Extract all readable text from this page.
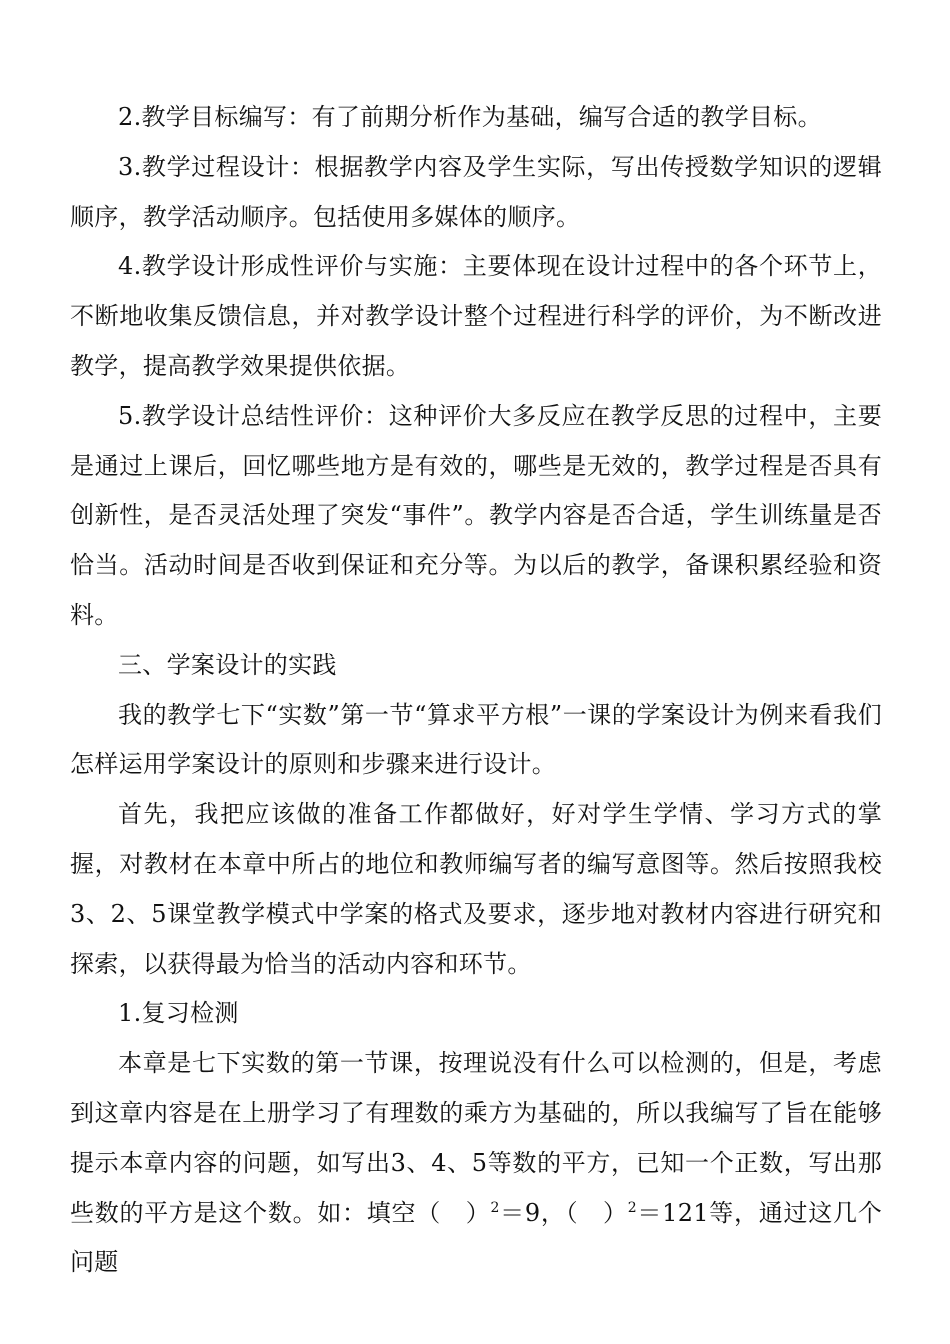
2.教学目标编写：有了前期分析作为基础，编写合适的教学目标。

3.教学过程设计：根据教学内容及学生实际，写出传授数学知识的逻辑顺序，教学活动顺序。包括使用多媒体的顺序。

4.教学设计形成性评价与实施：主要体现在设计过程中的各个环节上，不断地收集反馈信息，并对教学设计整个过程进行科学的评价，为不断改进教学，提高教学效果提供依据。

5.教学设计总结性评价：这种评价大多反应在教学反思的过程中，主要是通过上课后，回忆哪些地方是有效的，哪些是无效的，教学过程是否具有创新性，是否灵活处理了突发“事件”。教学内容是否合适，学生训练量是否恰当。活动时间是否收到保证和充分等。为以后的教学，备课积累经验和资料。

三、学案设计的实践

我的教学七下“实数”第一节“算求平方根”一课的学案设计为例来看我们怎样运用学案设计的原则和步骤来进行设计。

首先，我把应该做的准备工作都做好，好对学生学情、学习方式的掌握，对教材在本章中所占的地位和教师编写者的编写意图等。然后按照我校3、2、5课堂教学模式中学案的格式及要求，逐步地对教材内容进行研究和探索，以获得最为恰当的活动内容和环节。

1.复习检测

本章是七下实数的第一节课，按理说没有什么可以检测的，但是，考虑到这章内容是在上册学习了有理数的乘方为基础的，所以我编写了旨在能够提示本章内容的问题，如写出3、4、5等数的平方，已知一个正数，写出那些数的平方是这个数。如：填空（　）$^2$＝9，（　）$^2$＝121等，通过这几个问题
